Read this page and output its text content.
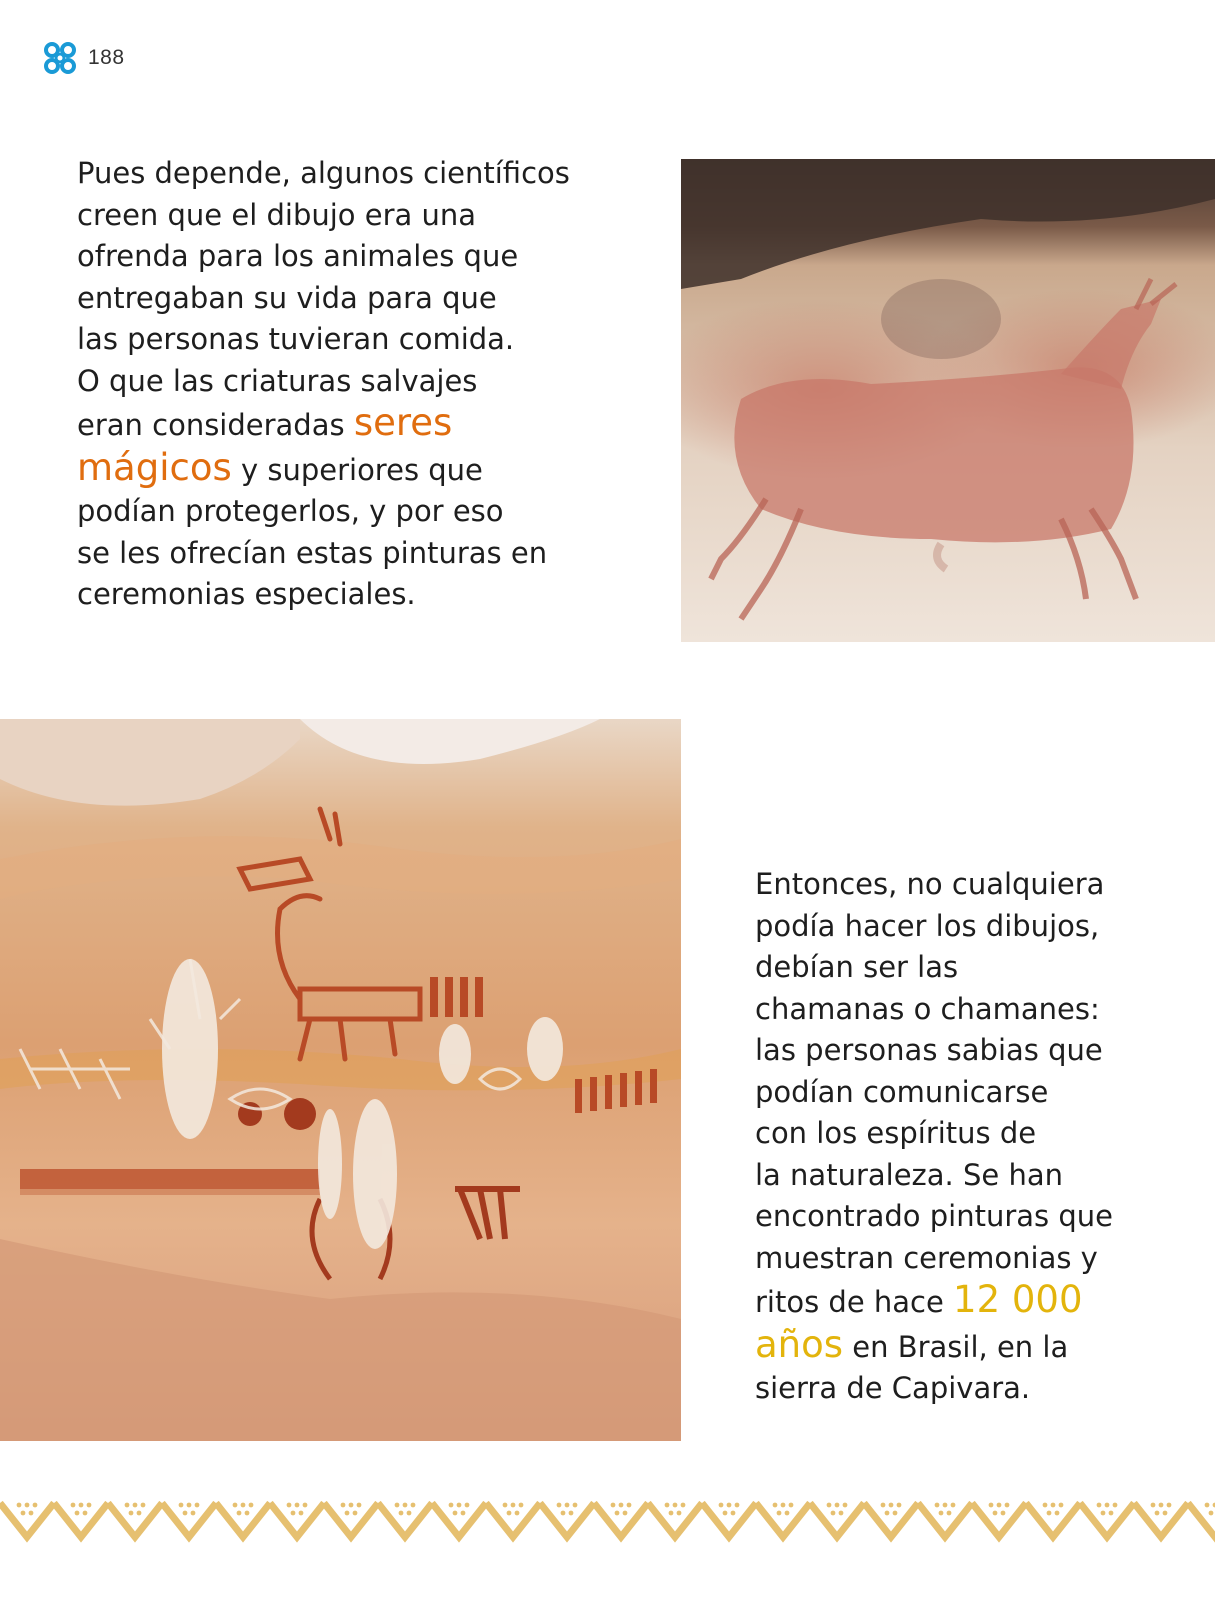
188
Pues depende, algunos científicos
creen que el dibujo era una
ofrenda para los animales que
entregaban su vida para que
las personas tuvieran comida.
O que las criaturas salvajes
eran consideradas seres
mágicos y superiores que
podían protegerlos, y por eso
se les ofrecían estas pinturas en
ceremonias especiales.
Entonces, no cualquiera
podía hacer los dibujos,
debían ser las
chamanas o chamanes:
las personas sabias que
podían comunicarse
con los espíritus de
la naturaleza. Se han
encontrado pinturas que
muestran ceremonias y
ritos de hace 12 000
años en Brasil, en la
sierra de Capivara.
